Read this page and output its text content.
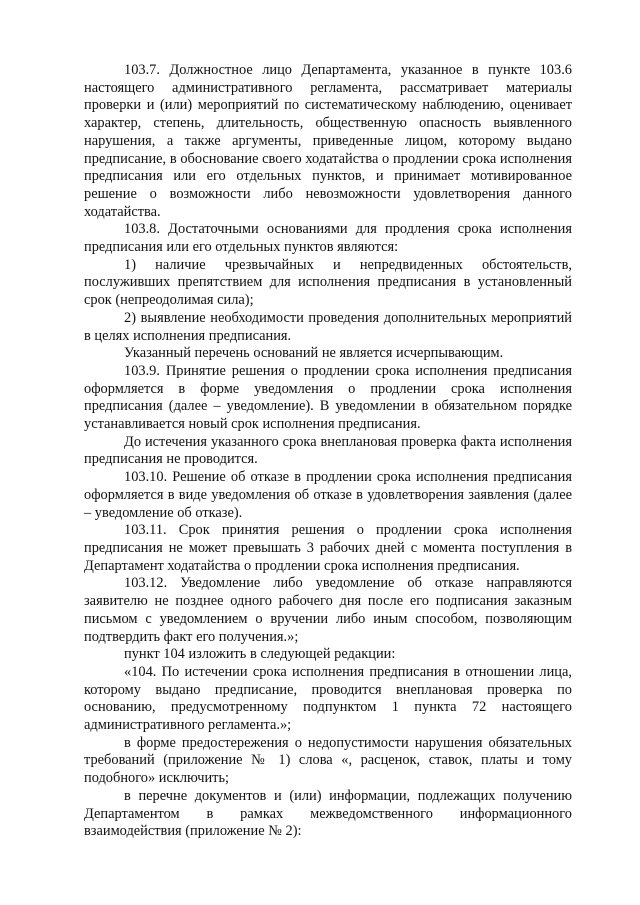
103.7. Должностное лицо Департамента, указанное в пункте 103.6 настоящего административного регламента, рассматривает материалы проверки и (или) мероприятий по систематическому наблюдению, оценивает характер, степень, длительность, общественную опасность выявленного нарушения, а также аргументы, приведенные лицом, которому выдано предписание, в обоснование своего ходатайства о продлении срока исполнения предписания или его отдельных пунктов, и принимает мотивированное решение о возможности либо невозможности удовлетворения данного ходатайства.

103.8. Достаточными основаниями для продления срока исполнения предписания или его отдельных пунктов являются:

1) наличие чрезвычайных и непредвиденных обстоятельств, послуживших препятствием для исполнения предписания в установленный срок (непреодолимая сила);

2) выявление необходимости проведения дополнительных мероприятий в целях исполнения предписания.

Указанный перечень оснований не является исчерпывающим.

103.9. Принятие решения о продлении срока исполнения предписания оформляется в форме уведомления о продлении срока исполнения предписания (далее – уведомление). В уведомлении в обязательном порядке устанавливается новый срок исполнения предписания.

До истечения указанного срока внеплановая проверка факта исполнения предписания не проводится.

103.10. Решение об отказе в продлении срока исполнения предписания оформляется в виде уведомления об отказе в удовлетворения заявления (далее – уведомление об отказе).

103.11. Срок принятия решения о продлении срока исполнения предписания не может превышать 3 рабочих дней с момента поступления в Департамент ходатайства о продлении срока исполнения предписания.

103.12. Уведомление либо уведомление об отказе направляются заявителю не позднее одного рабочего дня после его подписания заказным письмом с уведомлением о вручении либо иным способом, позволяющим подтвердить факт его получения.»;

пункт 104 изложить в следующей редакции:

«104. По истечении срока исполнения предписания в отношении лица, которому выдано предписание, проводится внеплановая проверка по основанию, предусмотренному подпунктом 1 пункта 72 настоящего административного регламента.»;

в форме предостережения о недопустимости нарушения обязательных требований (приложение № 1) слова «, расценок, ставок, платы и тому подобного» исключить;

в перечне документов и (или) информации, подлежащих получению Департаментом в рамках межведомственного информационного взаимодействия (приложение № 2):
